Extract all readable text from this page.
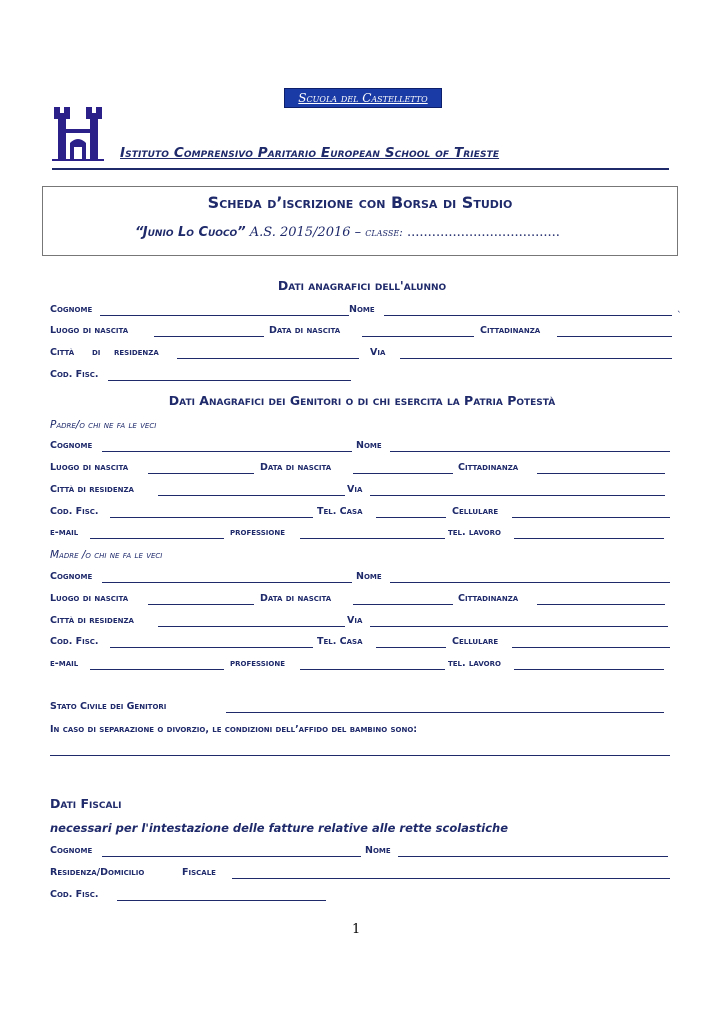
Scuola del Castelletto
Istituto Comprensivo Paritario European School of Trieste
Scheda d’iscrizione con Borsa di Studio
“Junio Lo Cuoco” A.S. 2015/2016 – classe: .....................................
Dati anagrafici dell'alunno
Cognome	Nome
`
Luogo di nascita	Data di nascita	Cittadinanza
Città di residenza	Via
Cod. Fisc.
Dati Anagrafici dei Genitori o di chi esercita la Patria Potestà
Padre/o chi ne fa le veci
Cognome	Nome
Luogo di nascita	Data di nascita	Cittadinanza
Città di residenza	Via
Cod. Fisc.	Tel. Casa	Cellulare
e-mail	professione	tel. lavoro
Madre /o chi ne fa le veci
Cognome	Nome
Luogo di nascita	Data di nascita	Cittadinanza
Città di residenza	Via
Cod. Fisc.	Tel. Casa	Cellulare
e-mail	professione	tel. lavoro
Stato Civile dei Genitori
In caso di separazione o divorzio, le condizioni dell’affido del bambino sono:
Dati Fiscali
necessari per l'intestazione delle fatture relative alle rette scolastiche
Cognome	Nome
Residenza/Domicilio	Fiscale
Cod. Fisc.
1
